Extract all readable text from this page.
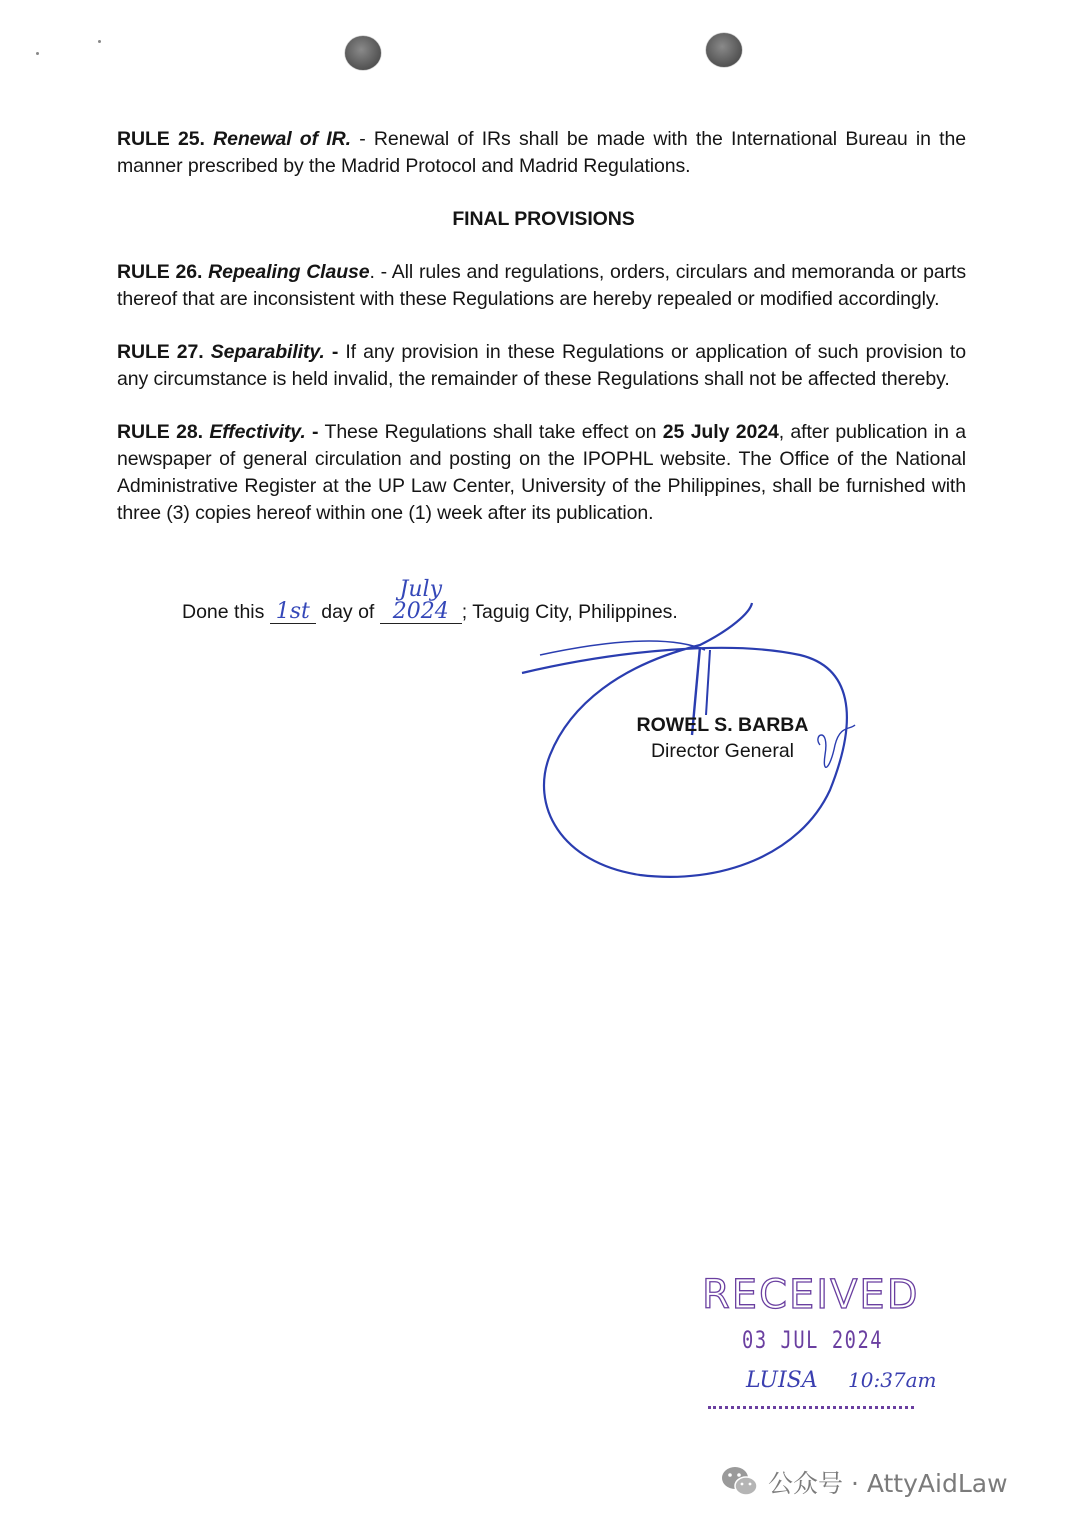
RULE 25. Renewal of IR. - Renewal of IRs shall be made with the International Bureau in the manner prescribed by the Madrid Protocol and Madrid Regulations.

FINAL PROVISIONS

RULE 26. Repealing Clause. - All rules and regulations, orders, circulars and memoranda or parts thereof that are inconsistent with these Regulations are hereby repealed or modified accordingly.

RULE 27. Separability. - If any provision in these Regulations or application of such provision to any circumstance is held invalid, the remainder of these Regulations shall not be affected thereby.

RULE 28. Effectivity. - These Regulations shall take effect on 25 July 2024, after publication in a newspaper of general circulation and posting on the IPOPHL website. The Office of the National Administrative Register at the UP Law Center, University of the Philippines, shall be furnished with three (3) copies hereof within one (1) week after its publication.

Done this 1st day of July 2024 ; Taguig City, Philippines.
ROWEL S. BARBA
Director General
RECEIVED
03 JUL 2024
LUISA 10:37am
公众号 · AttyAidLaw
